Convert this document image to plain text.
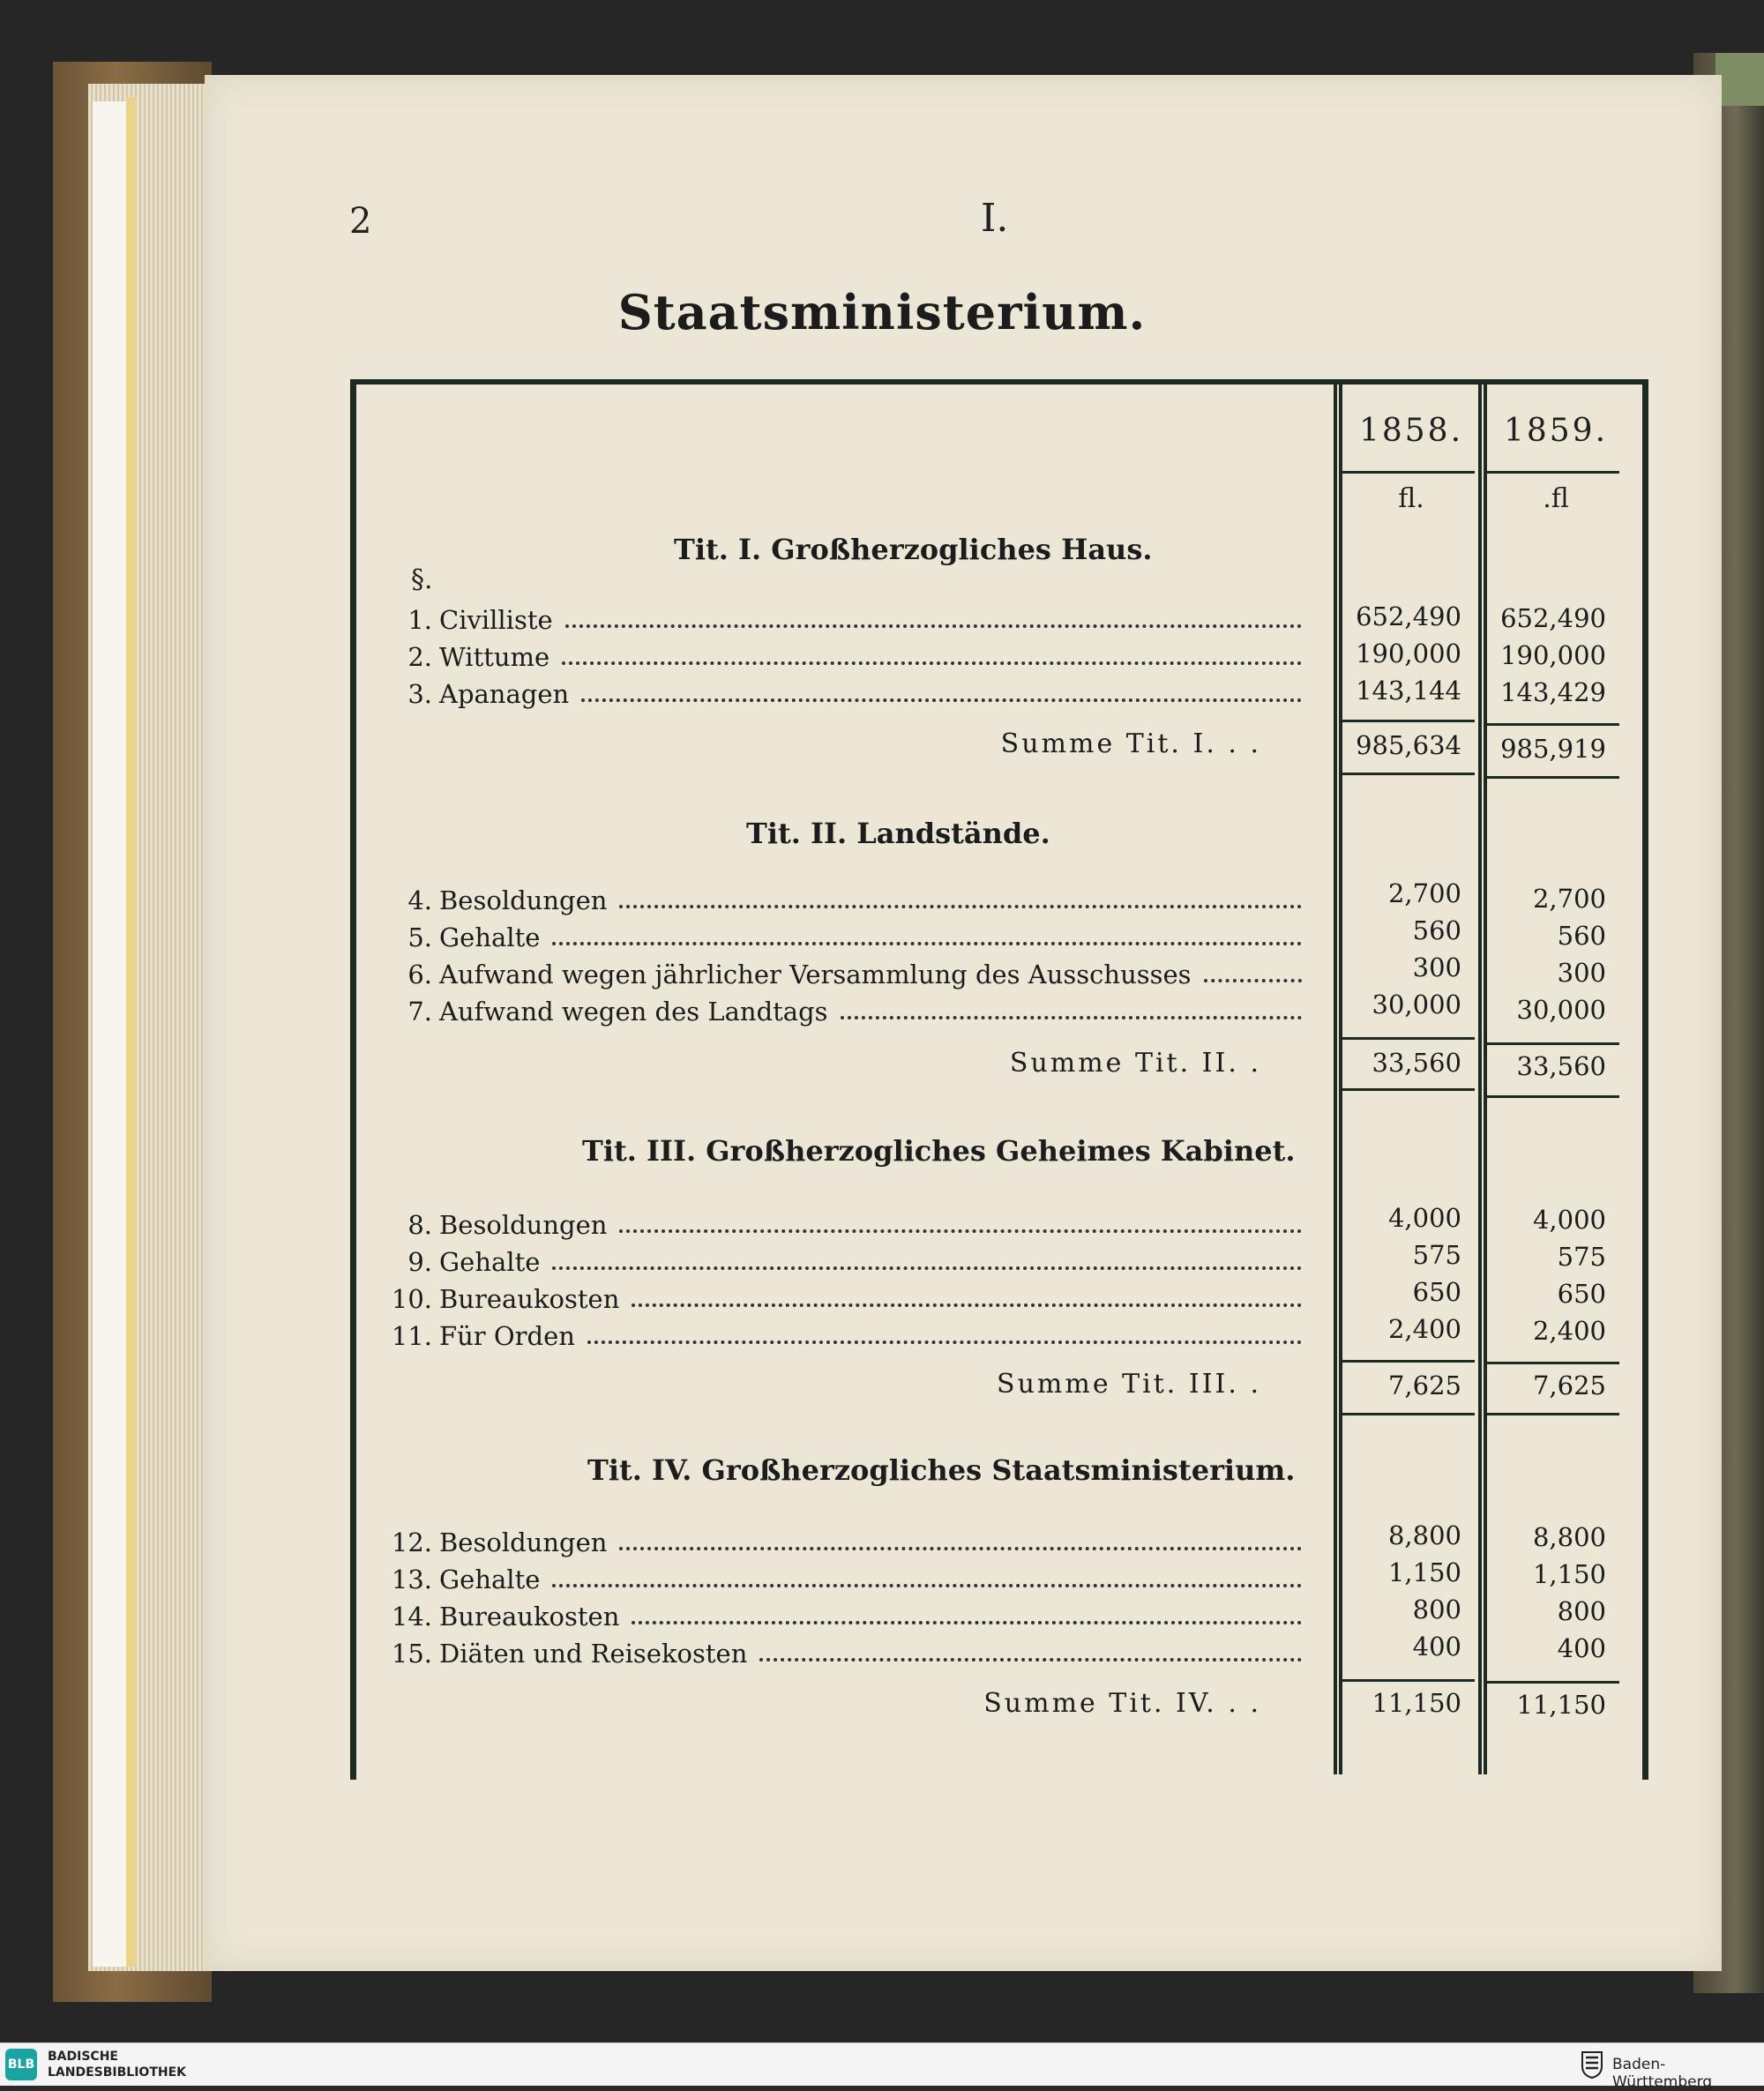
2	I.
Staatsministerium.
1858.	1859.
fl.	.fl
Tit. I. Großherzogliches Haus.
§.
1. Civilliste	652,490	652,490
2. Wittume	190,000	190,000
3. Apanagen	143,144	143,429
Summe Tit. I. . .	985,634	985,919
Tit. II. Landstände.
4. Besoldungen	2,700	2,700
5. Gehalte	560	560
6. Aufwand wegen jährlicher Versammlung des Ausschusses	300	300
7. Aufwand wegen des Landtags	30,000	30,000
Summe Tit. II. .	33,560	33,560
Tit. III. Großherzogliches Geheimes Kabinet.
8. Besoldungen	4,000	4,000
9. Gehalte	575	575
10. Bureaukosten	650	650
11. Für Orden	2,400	2,400
Summe Tit. III. .	7,625	7,625
Tit. IV. Großherzogliches Staatsministerium.
12. Besoldungen	8,800	8,800
13. Gehalte	1,150	1,150
14. Bureaukosten	800	800
15. Diäten und Reisekosten	400	400
Summe Tit. IV. . .	11,150	11,150
BLB
BADISCHE
LANDESBIBLIOTHEK	Baden-Württemberg
